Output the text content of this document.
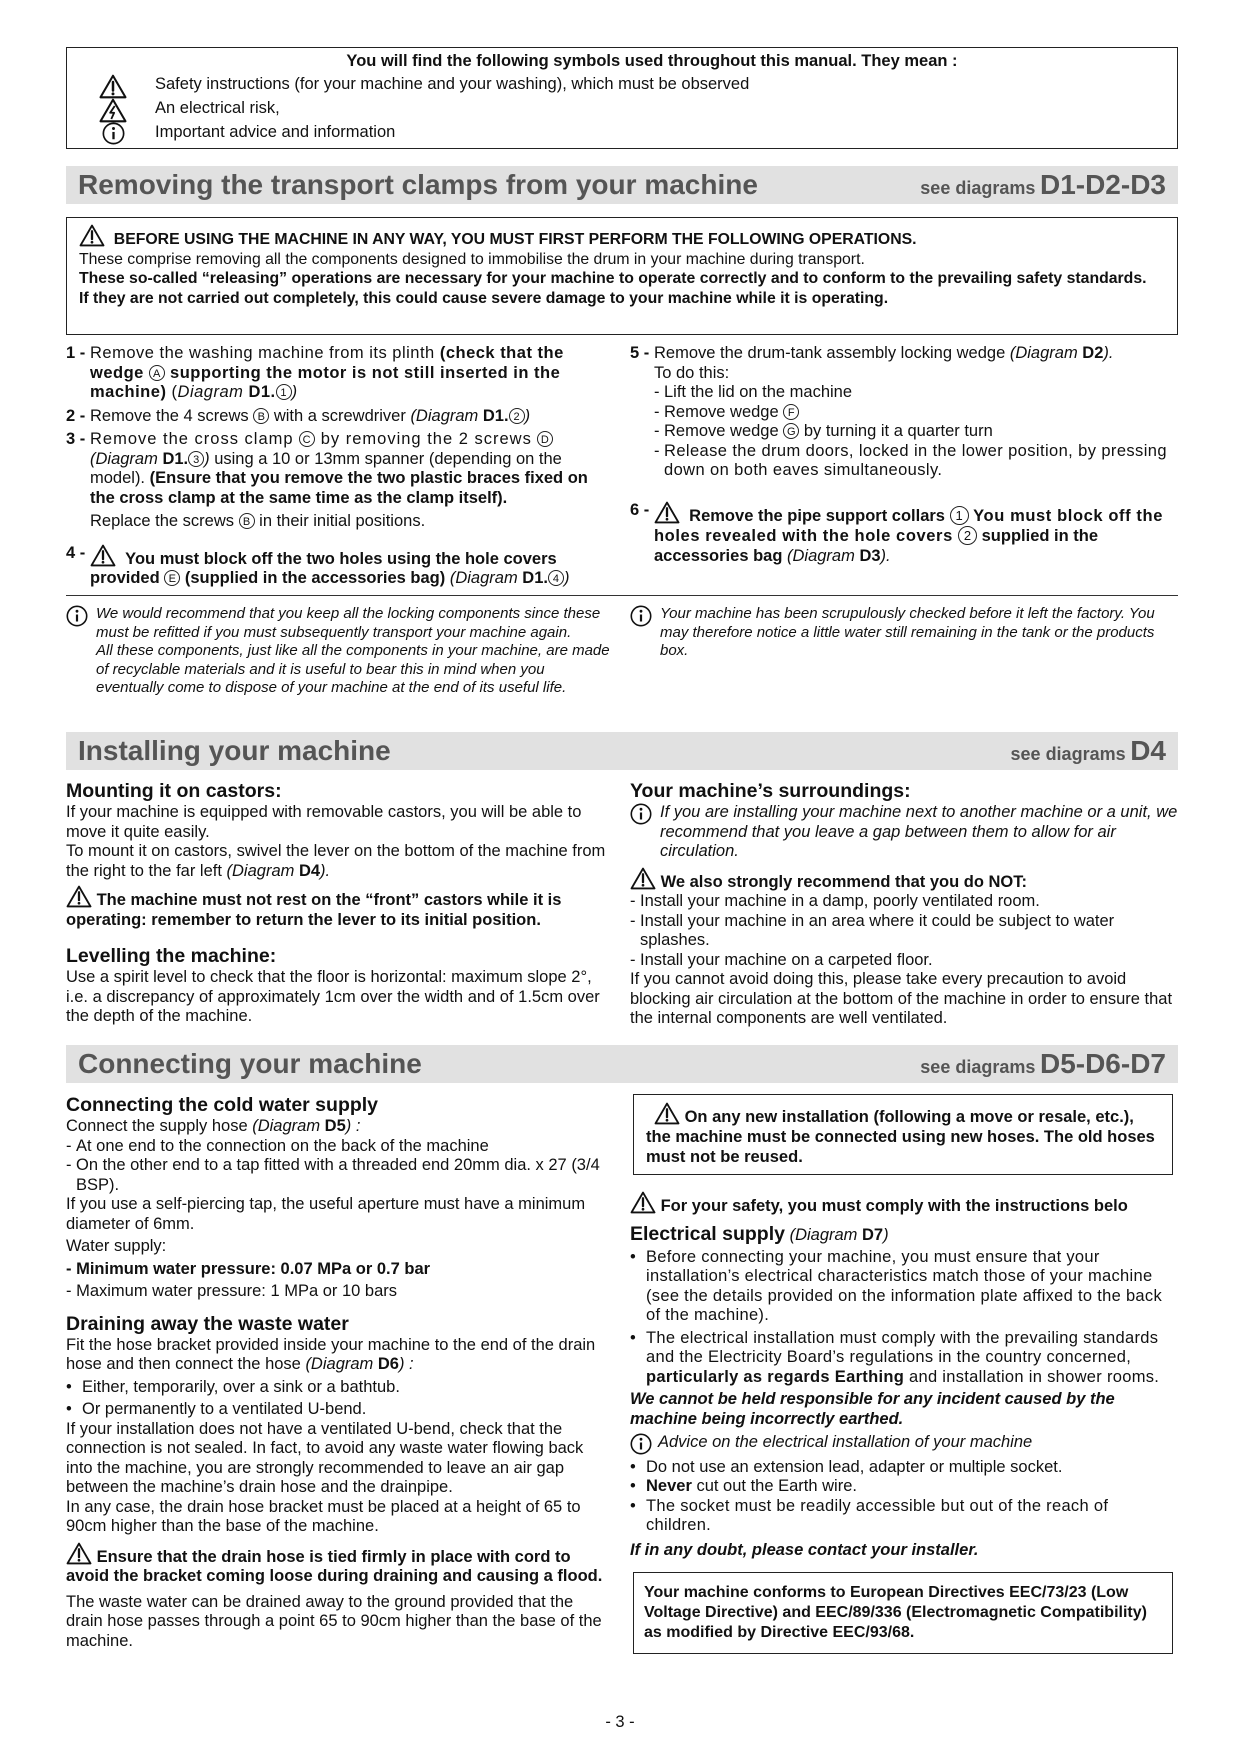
You will find the following symbols used throughout this manual. They mean :
Safety instructions (for your machine and your washing), which must be observed
An electrical risk,
Important advice and information
Removing the transport clamps from your machine	see diagrams D1-D2-D3

BEFORE USING THE MACHINE IN ANY WAY, YOU MUST FIRST PERFORM THE FOLLOWING OPERATIONS.

These comprise removing all the components designed to immobilise the drum in your machine during transport.

These so-called “releasing” operations are necessary for your machine to operate correctly and to conform to the prevailing safety standards.

If they are not carried out completely, this could cause severe damage to your machine while it is operating.

1 - Remove the washing machine from its plinth (check that the wedge A supporting the motor is not still inserted in the machine) (Diagram D1. 1 )
2 - Remove the 4 screws B with a screwdriver (Diagram D1. 2 )
3 - Remove the cross clamp C by removing the 2 screws D
(Diagram D1. 3 ) using a 10 or 13mm spanner (depending on the model). (Ensure that you remove the two plastic braces fixed on the cross clamp at the same time as the clamp itself).
Replace the screws B in their initial positions.
4 -	You must block off the two holes using the hole covers provided E (supplied in the accessories bag) (Diagram D1. 4 )
5 - Remove the drum-tank assembly locking wedge (Diagram D2).
To do this:
- Lift the lid on the machine
- Remove wedge F
- Remove wedge G by turning it a quarter turn
- Release the drum doors, locked in the lower position, by pressing down on both eaves simultaneously.
6 -	Remove the pipe support collars 1 You must block off the holes revealed with the hole covers 2 supplied in the accessories bag (Diagram D3).
We would recommend that you keep all the locking components since these must be refitted if you must subsequently transport your machine again.
All these components, just like all the components in your machine, are made of recyclable materials and it is useful to bear this in mind when you eventually come to dispose of your machine at the end of its useful life.
Your machine has been scrupulously checked before it left the factory. You may therefore notice a little water still remaining in the tank or the products box.
Installing your machine	see diagrams D4

Mounting it on castors:

If your machine is equipped with removable castors, you will be able to move it quite easily.

To mount it on castors, swivel the lever on the bottom of the machine from the right to the far left (Diagram D4).

The machine must not rest on the “front” castors while it is operating: remember to return the lever to its initial position.

Levelling the machine:

Use a spirit level to check that the floor is horizontal: maximum slope 2°, i.e. a discrepancy of approximately 1cm over the width and of 1.5cm over the depth of the machine.

Your machine’s surroundings:

If you are installing your machine next to another machine or a unit, we recommend that you leave a gap between them to allow for air circulation.

We also strongly recommend that you do NOT:

- Install your machine in a damp, poorly ventilated room.
- Install your machine in an area where it could be subject to water splashes.
- Install your machine on a carpeted floor.

If you cannot avoid doing this, please take every precaution to avoid blocking air circulation at the bottom of the machine in order to ensure that the internal components are well ventilated.

Connecting your machine	see diagrams D5-D6-D7

Connecting the cold water supply

Connect the supply hose (Diagram D5) :

- At one end to the connection on the back of the machine
- On the other end to a tap fitted with a threaded end 20mm dia. x 27 (3/4 BSP).

If you use a self-piercing tap, the useful aperture must have a minimum diameter of 6mm.

Water supply:

- Minimum water pressure: 0.07 MPa or 0.7 bar

- Maximum water pressure: 1 MPa or 10 bars

Draining away the waste water

Fit the hose bracket provided inside your machine to the end of the drain hose and then connect the hose (Diagram D6) :

• Either, temporarily, over a sink or a bathtub.
• Or permanently to a ventilated U-bend.

If your installation does not have a ventilated U-bend, check that the connection is not sealed. In fact, to avoid any waste water flowing back into the machine, you are strongly recommended to leave an air gap between the machine’s drain hose and the drainpipe.

In any case, the drain hose bracket must be placed at a height of 65 to 90cm higher than the base of the machine.

Ensure that the drain hose is tied firmly in place with cord to avoid the bracket coming loose during draining and causing a flood.

The waste water can be drained away to the ground provided that the drain hose passes through a point 65 to 90cm higher than the base of the machine.

On any new installation (following a move or resale, etc.), the machine must be connected using new hoses. The old hoses must not be reused.

For your safety, you must comply with the instructions belo

Electrical supply (Diagram D7)

• Before connecting your machine, you must ensure that your installation’s electrical characteristics match those of your machine (see the details provided on the information plate affixed to the back of the machine).
• The electrical installation must comply with the prevailing standards and the Electricity Board’s regulations in the country concerned, particularly as regards Earthing and installation in shower rooms.

We cannot be held responsible for any incident caused by the machine being incorrectly earthed.

Advice on the electrical installation of your machine
• Do not use an extension lead, adapter or multiple socket.
• Never cut out the Earth wire.
• The socket must be readily accessible but out of the reach of children.

If in any doubt, please contact your installer.

Your machine conforms to European Directives EEC/73/23 (Low Voltage Directive) and EEC/89/336 (Electromagnetic Compatibility) as modified by Directive EEC/93/68.
- 3 -
